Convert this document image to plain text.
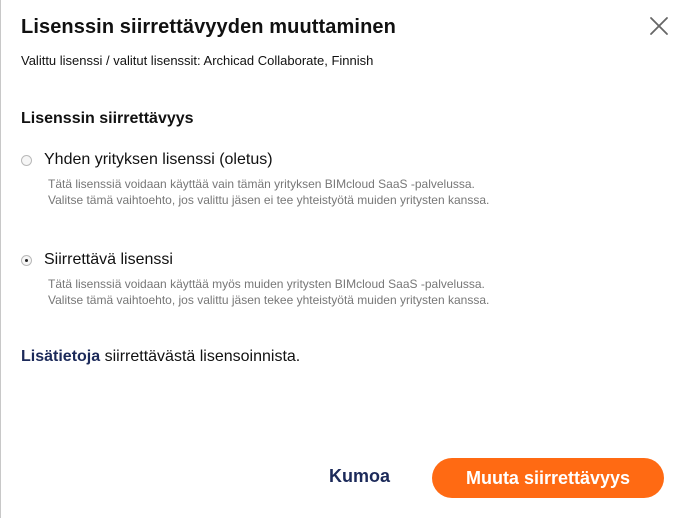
Lisenssin siirrettävyyden muuttaminen
Valittu lisenssi / valitut lisenssit: Archicad Collaborate, Finnish
Lisenssin siirrettävyys
Yhden yrityksen lisenssi (oletus)
Tätä lisenssiä voidaan käyttää vain tämän yrityksen BIMcloud SaaS -palvelussa.
Valitse tämä vaihtoehto, jos valittu jäsen ei tee yhteistyötä muiden yritysten kanssa.
Siirrettävä lisenssi
Tätä lisenssiä voidaan käyttää myös muiden yritysten BIMcloud SaaS -palvelussa.
Valitse tämä vaihtoehto, jos valittu jäsen tekee yhteistyötä muiden yritysten kanssa.
Lisätietoja siirrettävästä lisensoinnista.
Kumoa	Muuta siirrettävyys
